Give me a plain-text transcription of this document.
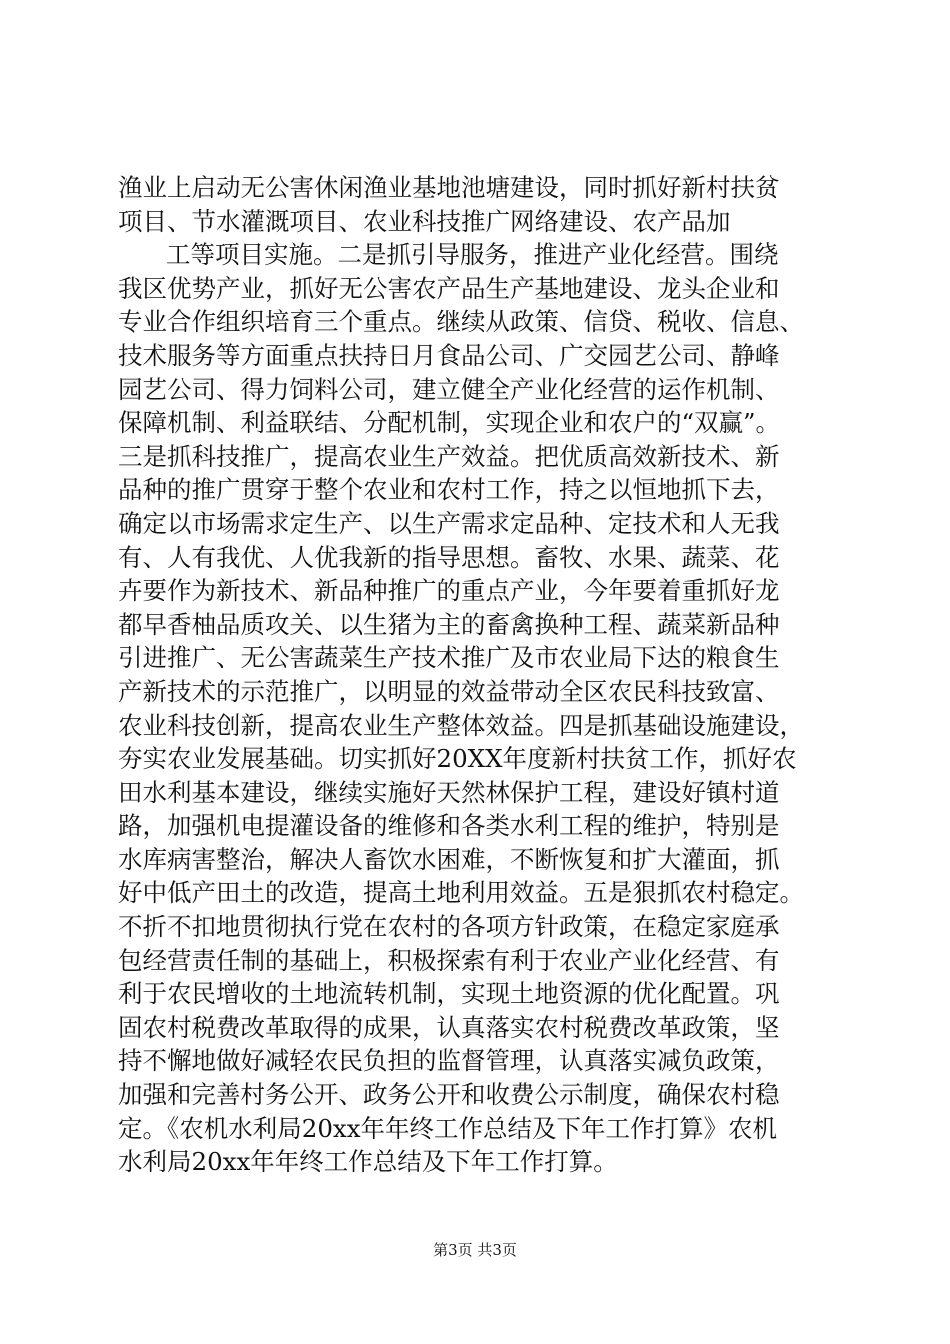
渔业上启动无公害休闲渔业基地池塘建设，同时抓好新村扶贫
项目、节水灌溉项目、农业科技推广网络建设、农产品加
工等项目实施。二是抓引导服务，推进产业化经营。围绕
我区优势产业，抓好无公害农产品生产基地建设、龙头企业和
专业合作组织培育三个重点。继续从政策、信贷、税收、信息、
技术服务等方面重点扶持日月食品公司、广交园艺公司、静峰
园艺公司、得力饲料公司，建立健全产业化经营的运作机制、
保障机制、利益联结、分配机制，实现企业和农户的“双赢”。
三是抓科技推广，提高农业生产效益。把优质高效新技术、新
品种的推广贯穿于整个农业和农村工作，持之以恒地抓下去，
确定以市场需求定生产、以生产需求定品种、定技术和人无我
有、人有我优、人优我新的指导思想。畜牧、水果、蔬菜、花
卉要作为新技术、新品种推广的重点产业，今年要着重抓好龙
都早香柚品质攻关、以生猪为主的畜禽换种工程、蔬菜新品种
引进推广、无公害蔬菜生产技术推广及市农业局下达的粮食生
产新技术的示范推广，以明显的效益带动全区农民科技致富、
农业科技创新，提高农业生产整体效益。四是抓基础设施建设，
夯实农业发展基础。切实抓好20XX年度新村扶贫工作，抓好农
田水利基本建设，继续实施好天然林保护工程，建设好镇村道
路，加强机电提灌设备的维修和各类水利工程的维护，特别是
水库病害整治，解决人畜饮水困难，不断恢复和扩大灌面，抓
好中低产田土的改造，提高土地利用效益。五是狠抓农村稳定。
不折不扣地贯彻执行党在农村的各项方针政策，在稳定家庭承
包经营责任制的基础上，积极探索有利于农业产业化经营、有
利于农民增收的土地流转机制，实现土地资源的优化配置。巩
固农村税费改革取得的成果，认真落实农村税费改革政策，坚
持不懈地做好减轻农民负担的监督管理，认真落实减负政策，
加强和完善村务公开、政务公开和收费公示制度，确保农村稳
定。《农机水利局20xx年年终工作总结及下年工作打算》农机
水利局20xx年年终工作总结及下年工作打算。
第3页 共3页
